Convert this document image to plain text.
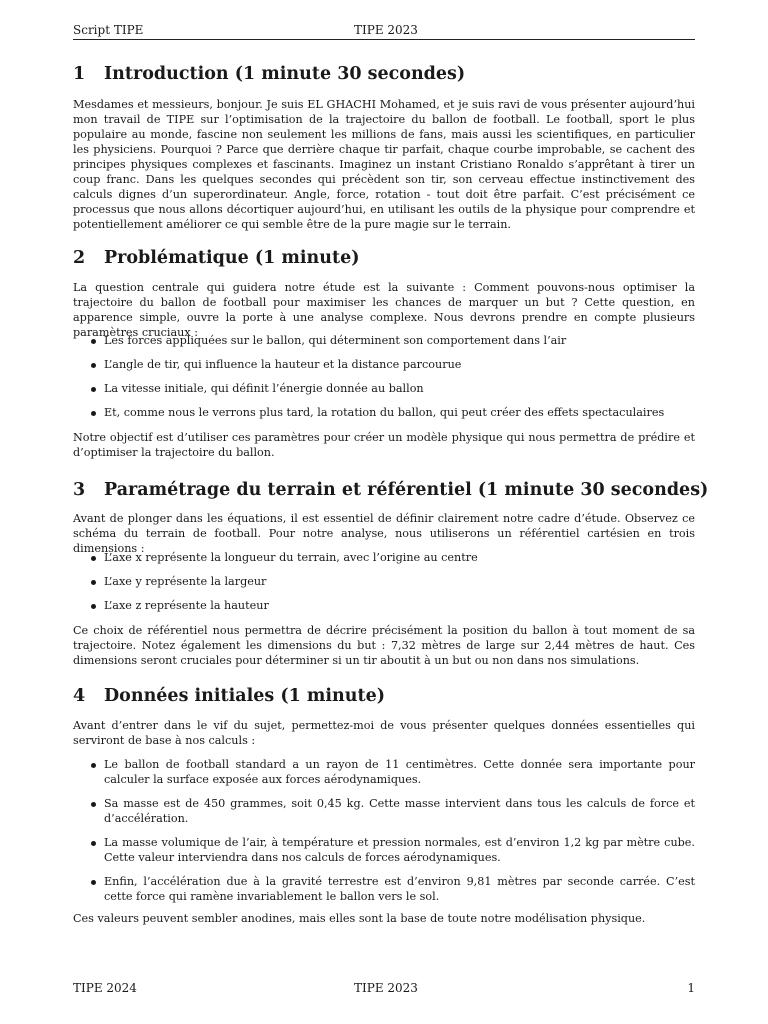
Script TIPE	TIPE 2023
1 Introduction (1 minute 30 secondes)

Mesdames et messieurs, bonjour. Je suis EL GHACHI Mohamed, et je suis ravi de vous présenter aujourd’hui mon travail de TIPE sur l’optimisation de la trajectoire du ballon de football. Le football, sport le plus populaire au monde, fascine non seulement les millions de fans, mais aussi les scientifiques, en particulier les physiciens. Pourquoi ? Parce que derrière chaque tir parfait, chaque courbe improbable, se cachent des principes physiques complexes et fascinants. Imaginez un instant Cristiano Ronaldo s’apprêtant à tirer un coup franc. Dans les quelques secondes qui précèdent son tir, son cerveau effectue instinctivement des calculs dignes d’un superordinateur. Angle, force, rotation - tout doit être parfait. C’est précisément ce processus que nous allons décortiquer aujourd’hui, en utilisant les outils de la physique pour comprendre et potentiellement améliorer ce qui semble être de la pure magie sur le terrain.

2 Problématique (1 minute)

La question centrale qui guidera notre étude est la suivante : Comment pouvons-nous optimiser la trajectoire du ballon de football pour maximiser les chances de marquer un but ? Cette question, en apparence simple, ouvre la porte à une analyse complexe. Nous devrons prendre en compte plusieurs paramètres cruciaux :

Les forces appliquées sur le ballon, qui déterminent son comportement dans l’air
L’angle de tir, qui influence la hauteur et la distance parcourue
La vitesse initiale, qui définit l’énergie donnée au ballon
Et, comme nous le verrons plus tard, la rotation du ballon, qui peut créer des effets spectaculaires

Notre objectif est d’utiliser ces paramètres pour créer un modèle physique qui nous permettra de prédire et d’optimiser la trajectoire du ballon.

3 Paramétrage du terrain et référentiel (1 minute 30 secondes)

Avant de plonger dans les équations, il est essentiel de définir clairement notre cadre d’étude. Observez ce schéma du terrain de football. Pour notre analyse, nous utiliserons un référentiel cartésien en trois dimensions :

L’axe x représente la longueur du terrain, avec l’origine au centre
L’axe y représente la largeur
L’axe z représente la hauteur

Ce choix de référentiel nous permettra de décrire précisément la position du ballon à tout moment de sa trajectoire. Notez également les dimensions du but : 7,32 mètres de large sur 2,44 mètres de haut. Ces dimensions seront cruciales pour déterminer si un tir aboutit à un but ou non dans nos simulations.

4 Données initiales (1 minute)

Avant d’entrer dans le vif du sujet, permettez-moi de vous présenter quelques données essentielles qui serviront de base à nos calculs :

Le ballon de football standard a un rayon de 11 centimètres. Cette donnée sera importante pour calculer la surface exposée aux forces aérodynamiques.
Sa masse est de 450 grammes, soit 0,45 kg. Cette masse intervient dans tous les calculs de force et d’accélération.
La masse volumique de l’air, à température et pression normales, est d’environ 1,2 kg par mètre cube. Cette valeur interviendra dans nos calculs de forces aérodynamiques.
Enfin, l’accélération due à la gravité terrestre est d’environ 9,81 mètres par seconde carrée. C’est cette force qui ramène invariablement le ballon vers le sol.

Ces valeurs peuvent sembler anodines, mais elles sont la base de toute notre modélisation physique.

TIPE 2024	TIPE 2023	1
